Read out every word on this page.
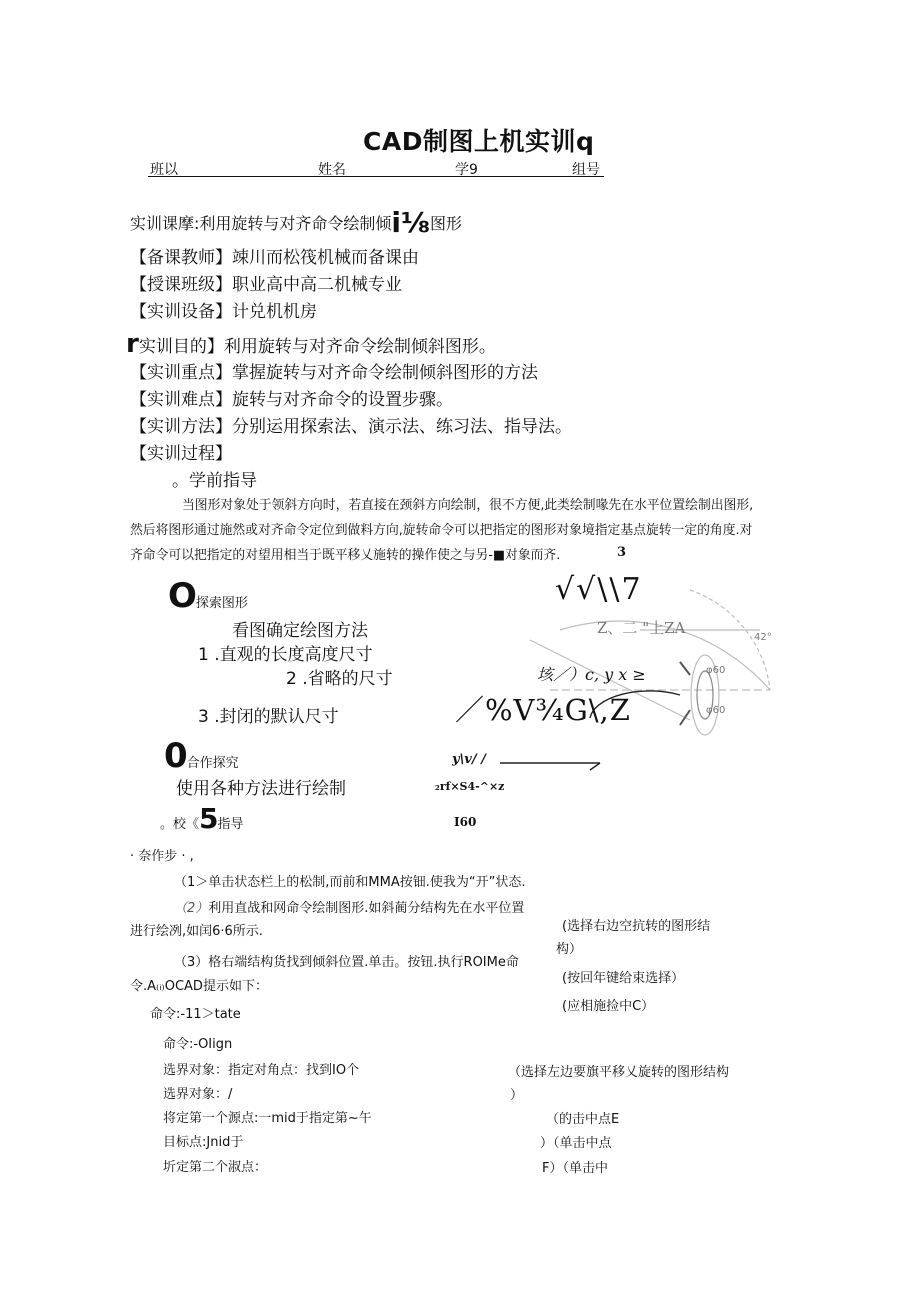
CAD制图上机实训q
班以	姓名	学9	组号
实训课摩:利用旋转与对齐命令绘制倾i⅛图形
【备课教师】竦川而松筏机械而备课由
【授课班级】职业高中高二机械专业
【实训设备】计兑机机房
r实训目的】利用旋转与对齐命令绘制倾斜图形。
【实训重点】掌握旋转与对齐命令绘制倾斜图形的方法
【实训难点】旋转与对齐命令的设置步骤。
【实训方法】分别运用探索法、演示法、练习法、指导法。
【实训过程】
。学前指导
当图形对象处于领斜方向时，若直接在颈斜方向绘制，很不方便,此类绘制喙先在水平位置绘制出图形,
然后将图形通过施然或对齐命令定位到做料方向,旋转命令可以把指定的图形对象境指定基点旋转一定的角度.对
齐命令可以把指定的对望用相当于既平移乂施转的操作使之与另-■对象而齐.	3
√√\\7
Z、二 "上ZA
垓／）c, y x ≥
／%V¾G\,Z
y\v/ /
₂rf×S4-^×z
I60
42°
φ60
φ60
O探索图形
看图确定绘图方法
1 .直观的长度高度尺寸
2 .省略的尺寸
3 .封闭的默认尺寸
0合作探究
使用各种方法进行绘制
。校《5指导
· 奈作步 · ,
（1＞单击状态栏上的松制,而前和MMA按钿.使我为“开”状态.
（2）利用直战和网命令绘制图形.如斜蔺分结构先在水平位置
进行绘冽,如闰6·6所示.
（3）格右端结构货找到倾斜位置.单击。按钮.执行ROIMe命
令.A₍ᵢ₎OCAD提示如下：
命令:-11＞tate
(选择右边空抗转的图形结
构）
(按回年键给束选择）
(应相施捡中C）
命令:-OIign
选界对象：指定对角点：找到IO个
选界对象：/
将定第一个源点:一mid于指定第~午
目标点:Jnid于
圻定第二个淑点：
（选择左边要旗平移乂旋转的图形结构
）
（的击中点E
）（单击中点
F）（单击中
